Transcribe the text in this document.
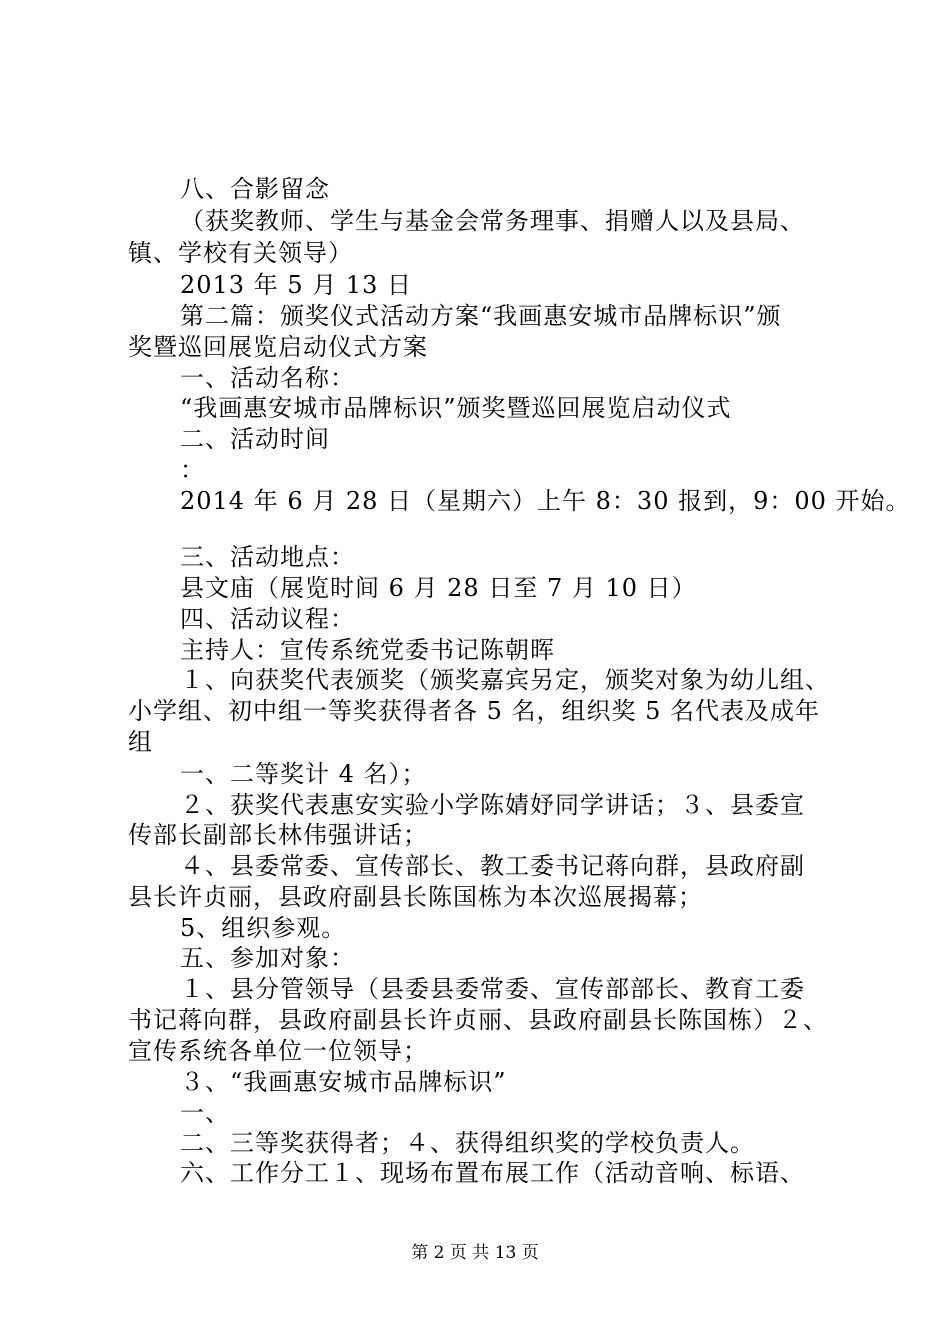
八、合影留念
（获奖教师、学生与基金会常务理事、捐赠人以及县局、
镇、学校有关领导）
2013 年 5 月 13 日
第二篇：颁奖仪式活动方案“我画惠安城市品牌标识”颁
奖暨巡回展览启动仪式方案
一、活动名称：
“我画惠安城市品牌标识”颁奖暨巡回展览启动仪式
二、活动时间
：
2014 年 6 月 28 日（星期六）上午 8：30 报到，9：00 开始。
三、活动地点：
县文庙（展览时间 6 月 28 日至 7 月 10 日）
四、活动议程：
主持人：宣传系统党委书记陈朝晖
１、向获奖代表颁奖（颁奖嘉宾另定，颁奖对象为幼儿组、
小学组、初中组一等奖获得者各 5 名，组织奖 5 名代表及成年
组
一、二等奖计 4 名）；
２、获奖代表惠安实验小学陈婧妤同学讲话；３、县委宣
传部长副部长林伟强讲话；
４、县委常委、宣传部长、教工委书记蒋向群，县政府副
县长许贞丽，县政府副县长陈国栋为本次巡展揭幕；
5、组织参观。
五、参加对象：
１、县分管领导（县委县委常委、宣传部部长、教育工委
书记蒋向群，县政府副县长许贞丽、县政府副县长陈国栋）２、
宣传系统各单位一位领导；
３、“我画惠安城市品牌标识”
一、
二、三等奖获得者；４、获得组织奖的学校负责人。
六、工作分工１、现场布置布展工作（活动音响、标语、
第 2 页 共 13 页
